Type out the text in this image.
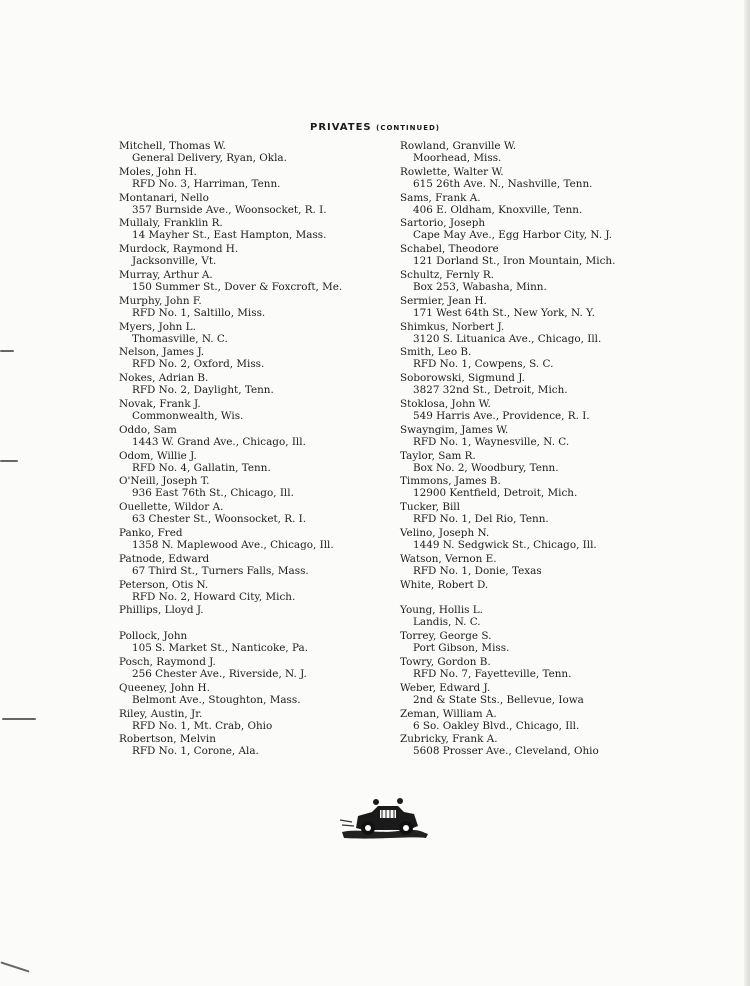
PRIVATES (CONTINUED)
Mitchell, Thomas W.
General Delivery, Ryan, Okla.
Moles, John H.
RFD No. 3, Harriman, Tenn.
Montanari, Nello
357 Burnside Ave., Woonsocket, R. I.
Mullaly, Franklin R.
14 Mayher St., East Hampton, Mass.
Murdock, Raymond H.
Jacksonville, Vt.
Murray, Arthur A.
150 Summer St., Dover & Foxcroft, Me.
Murphy, John F.
RFD No. 1, Saltillo, Miss.
Myers, John L.
Thomasville, N. C.
Nelson, James J.
RFD No. 2, Oxford, Miss.
Nokes, Adrian B.
RFD No. 2, Daylight, Tenn.
Novak, Frank J.
Commonwealth, Wis.
Oddo, Sam
1443 W. Grand Ave., Chicago, Ill.
Odom, Willie J.
RFD No. 4, Gallatin, Tenn.
O'Neill, Joseph T.
936 East 76th St., Chicago, Ill.
Ouellette, Wildor A.
63 Chester St., Woonsocket, R. I.
Panko, Fred
1358 N. Maplewood Ave., Chicago, Ill.
Patnode, Edward
67 Third St., Turners Falls, Mass.
Peterson, Otis N.
RFD No. 2, Howard City, Mich.
Phillips, Lloyd J.
Pollock, John
105 S. Market St., Nanticoke, Pa.
Posch, Raymond J.
256 Chester Ave., Riverside, N. J.
Queeney, John H.
Belmont Ave., Stoughton, Mass.
Riley, Austin, Jr.
RFD No. 1, Mt. Crab, Ohio
Robertson, Melvin
RFD No. 1, Corone, Ala.
Rowland, Granville W.
Moorhead, Miss.
Rowlette, Walter W.
615 26th Ave. N., Nashville, Tenn.
Sams, Frank A.
406 E. Oldham, Knoxville, Tenn.
Sartorio, Joseph
Cape May Ave., Egg Harbor City, N. J.
Schabel, Theodore
121 Dorland St., Iron Mountain, Mich.
Schultz, Fernly R.
Box 253, Wabasha, Minn.
Sermier, Jean H.
171 West 64th St., New York, N. Y.
Shimkus, Norbert J.
3120 S. Lituanica Ave., Chicago, Ill.
Smith, Leo B.
RFD No. 1, Cowpens, S. C.
Soborowski, Sigmund J.
3827 32nd St., Detroit, Mich.
Stoklosa, John W.
549 Harris Ave., Providence, R. I.
Swayngim, James W.
RFD No. 1, Waynesville, N. C.
Taylor, Sam R.
Box No. 2, Woodbury, Tenn.
Timmons, James B.
12900 Kentfield, Detroit, Mich.
Tucker, Bill
RFD No. 1, Del Rio, Tenn.
Velino, Joseph N.
1449 N. Sedgwick St., Chicago, Ill.
Watson, Vernon E.
RFD No. 1, Donie, Texas
White, Robert D.
Young, Hollis L.
Landis, N. C.
Torrey, George S.
Port Gibson, Miss.
Towry, Gordon B.
RFD No. 7, Fayetteville, Tenn.
Weber, Edward J.
2nd & State Sts., Bellevue, Iowa
Zeman, William A.
6 So. Oakley Blvd., Chicago, Ill.
Zubricky, Frank A.
5608 Prosser Ave., Cleveland, Ohio
